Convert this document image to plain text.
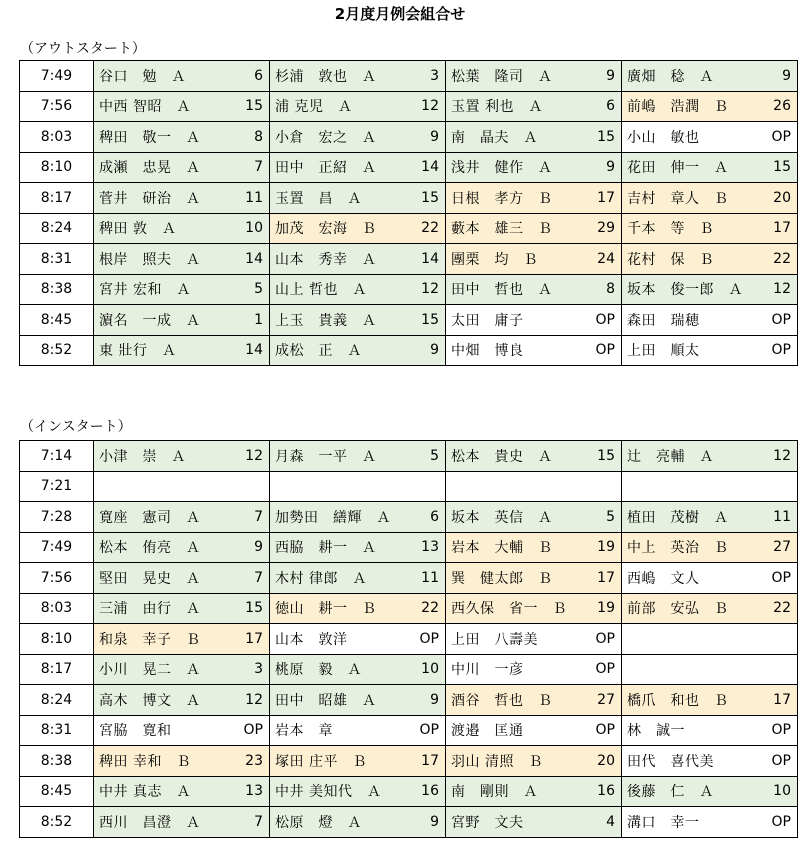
2月度月例会組合せ
（アウトスタート）
7:49	谷口　勉　Ａ 6	杉浦　敦也　Ａ 3	松葉　隆司　Ａ 9	廣畑　稔　Ａ 9

7:56	中西 智昭　Ａ 15	浦 克児　Ａ 12	玉置 利也　Ａ 6	前嶋　浩潤　Ｂ 26

8:03	稗田　敬一　Ａ 8	小倉　宏之　Ａ 9	南　晶夫　Ａ 15	小山　敏也 OP

8:10	成瀬　忠晃　Ａ 7	田中　正紹　Ａ 14	浅井　健作　Ａ 9	花田　伸一　Ａ 15

8:17	菅井　研治　Ａ 11	玉置　昌　Ａ 15	日根　孝方　Ｂ 17	吉村　章人　Ｂ 20

8:24	稗田 敦　Ａ 10	加茂　宏海　Ｂ 22	藪本　雄三　Ｂ 29	千本　等　Ｂ 17

8:31	根岸　照夫　Ａ 14	山本　秀幸　Ａ 14	團栗　均　Ｂ 24	花村　保　Ｂ 22

8:38	宮井 宏和　Ａ 5	山上 哲也　Ａ 12	田中　哲也　Ａ 8	坂本　俊一郎　Ａ 12

8:45	濵名　一成　Ａ 1	上玉　貴義　Ａ 15	太田　庸子 OP	森田　瑞穂 OP

8:52	東 壯行　Ａ 14	成松　正　Ａ 9	中畑　博良 OP	上田　順太 OP
（インスタート）
7:14	小津　崇　Ａ 12	月森　一平　Ａ 5	松本　貴史　Ａ 15	辻　亮輔　Ａ 12

7:21	

7:28	寛座　憲司　Ａ 7	加勢田　繕輝　Ａ 6	坂本　英信　Ａ 5	植田　茂樹　Ａ 11

7:49	松本　侑亮　Ａ 9	西脇　耕一　Ａ 13	岩本　大輔　Ｂ 19	中上　英治　Ｂ 27

7:56	堅田　晃史　Ａ 7	木村 律郎　Ａ 11	巽　健太郎　Ｂ 17	西嶋　文人 OP

8:03	三浦　由行　Ａ 15	徳山　耕一　Ｂ 22	西久保　省一　Ｂ 19	前部　安弘　Ｂ 22

8:10	和泉　幸子　Ｂ 17	山本　敦洋 OP	上田　八壽美 OP	

8:17	小川　晃二　Ａ 3	桃原　毅　Ａ 10	中川　一彦 OP	

8:24	高木　博文　Ａ 12	田中　昭雄　Ａ 9	酒谷　哲也　Ｂ 27	橋爪　和也　Ｂ 17

8:31	宮脇　寛和 OP	岩本　章 OP	渡邉　匡通 OP	林　誠一 OP

8:38	稗田 幸和　Ｂ 23	塚田 庄平　Ｂ 17	羽山 清照　Ｂ 20	田代　喜代美 OP

8:45	中井 真志　Ａ 13	中井 美知代　Ａ 16	南　剛則　Ａ 16	後藤　仁　Ａ 10

8:52	西川　昌澄　Ａ 7	松原　燈　Ａ 9	宮野　文夫 4	溝口　幸一 OP
